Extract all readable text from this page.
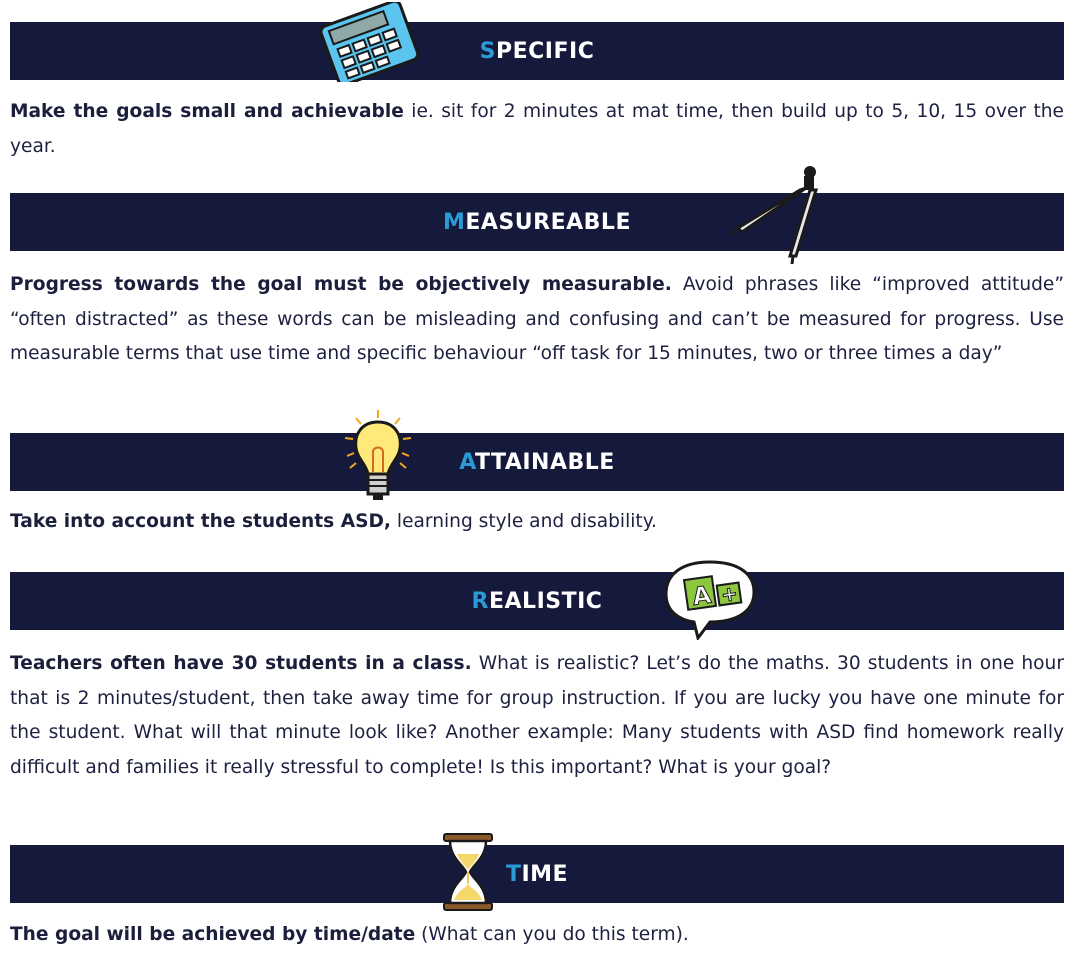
SPECIFIC

Make the goals small and achievable ie. sit for 2 minutes at mat time, then build up to 5, 10, 15 over the year.

MEASUREABLE

Progress towards the goal must be objectively measurable. Avoid phrases like “improved attitude” “often distracted” as these words can be misleading and confusing and can’t be measured for progress. Use measurable terms that use time and specific behaviour “off task for 15 minutes, two or three times a day”

ATTAINABLE

Take into account the students ASD, learning style and disability.

REALISTIC

Teachers often have 30 students in a class. What is realistic? Let’s do the maths. 30 students in one hour that is 2 minutes/student, then take away time for group instruction. If you are lucky you have one minute for the student. What will that minute look like? Another example: Many students with ASD find homework really difficult and families it really stressful to complete! Is this important? What is your goal?

TIME

The goal will be achieved by time/date (What can you do this term).

A +
